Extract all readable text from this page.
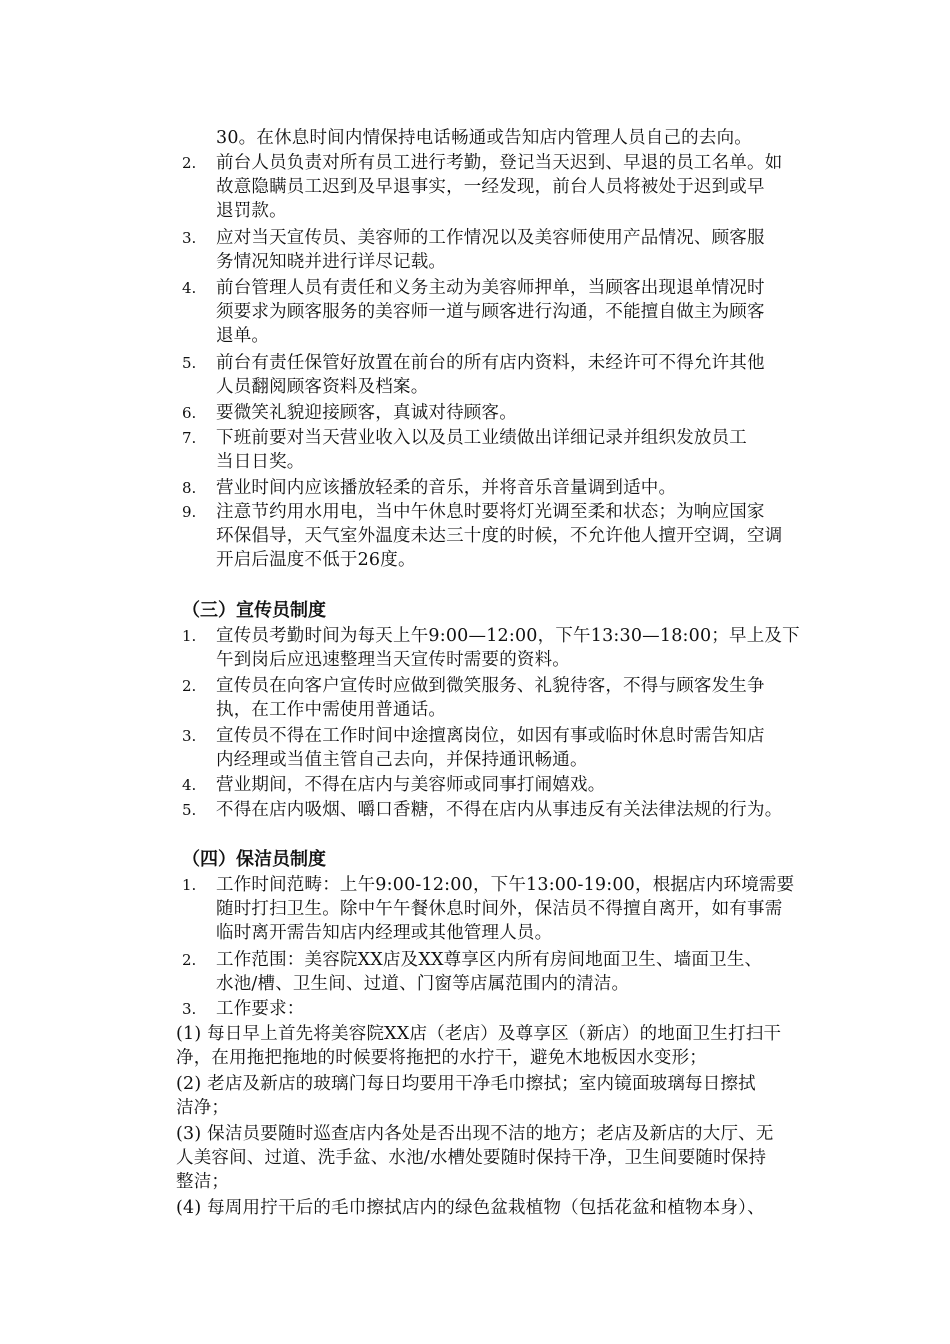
30。在休息时间内情保持电话畅通或告知店内管理人员自己的去向。
2.	前台人员负责对所有员工进行考勤，登记当天迟到、早退的员工名单。如
故意隐瞒员工迟到及早退事实，一经发现，前台人员将被处于迟到或早
退罚款。
3.	应对当天宣传员、美容师的工作情况以及美容师使用产品情况、顾客服
务情况知晓并进行详尽记载。
4.	前台管理人员有责任和义务主动为美容师押单，当顾客出现退单情况时
须要求为顾客服务的美容师一道与顾客进行沟通，不能擅自做主为顾客
退单。
5.	前台有责任保管好放置在前台的所有店内资料，未经许可不得允许其他
人员翻阅顾客资料及档案。
6.	要微笑礼貌迎接顾客，真诚对待顾客。
7.	下班前要对当天营业收入以及员工业绩做出详细记录并组织发放员工
当日日奖。
8.	营业时间内应该播放轻柔的音乐，并将音乐音量调到适中。
9.	注意节约用水用电，当中午休息时要将灯光调至柔和状态；为响应国家
环保倡导，天气室外温度未达三十度的时候，不允许他人擅开空调，空调
开启后温度不低于26度。
（三）宣传员制度
1.	宣传员考勤时间为每天上午9:00—12:00，下午13:30—18:00；早上及下
午到岗后应迅速整理当天宣传时需要的资料。
2.	宣传员在向客户宣传时应做到微笑服务、礼貌待客，不得与顾客发生争
执，在工作中需使用普通话。
3.	宣传员不得在工作时间中途擅离岗位，如因有事或临时休息时需告知店
内经理或当值主管自己去向，并保持通讯畅通。
4.	营业期间，不得在店内与美容师或同事打闹嬉戏。
5.	不得在店内吸烟、嚼口香糖，不得在店内从事违反有关法律法规的行为。
（四）保洁员制度
1.	工作时间范畴：上午9:00-12:00，下午13:00-19:00，根据店内环境需要
随时打扫卫生。除中午午餐休息时间外，保洁员不得擅自离开，如有事需
临时离开需告知店内经理或其他管理人员。
2.	工作范围：美容院XX店及XX尊享区内所有房间地面卫生、墙面卫生、
水池/槽、卫生间、过道、门窗等店属范围内的清洁。
3.	工作要求：
(1) 每日早上首先将美容院XX店（老店）及尊享区（新店）的地面卫生打扫干
净，在用拖把拖地的时候要将拖把的水拧干，避免木地板因水变形；
(2) 老店及新店的玻璃门每日均要用干净毛巾擦拭；室内镜面玻璃每日擦拭
洁净；
(3) 保洁员要随时巡查店内各处是否出现不洁的地方；老店及新店的大厅、无
人美容间、过道、洗手盆、水池/水槽处要随时保持干净，卫生间要随时保持
整洁；
(4) 每周用拧干后的毛巾擦拭店内的绿色盆栽植物（包括花盆和植物本身）、
